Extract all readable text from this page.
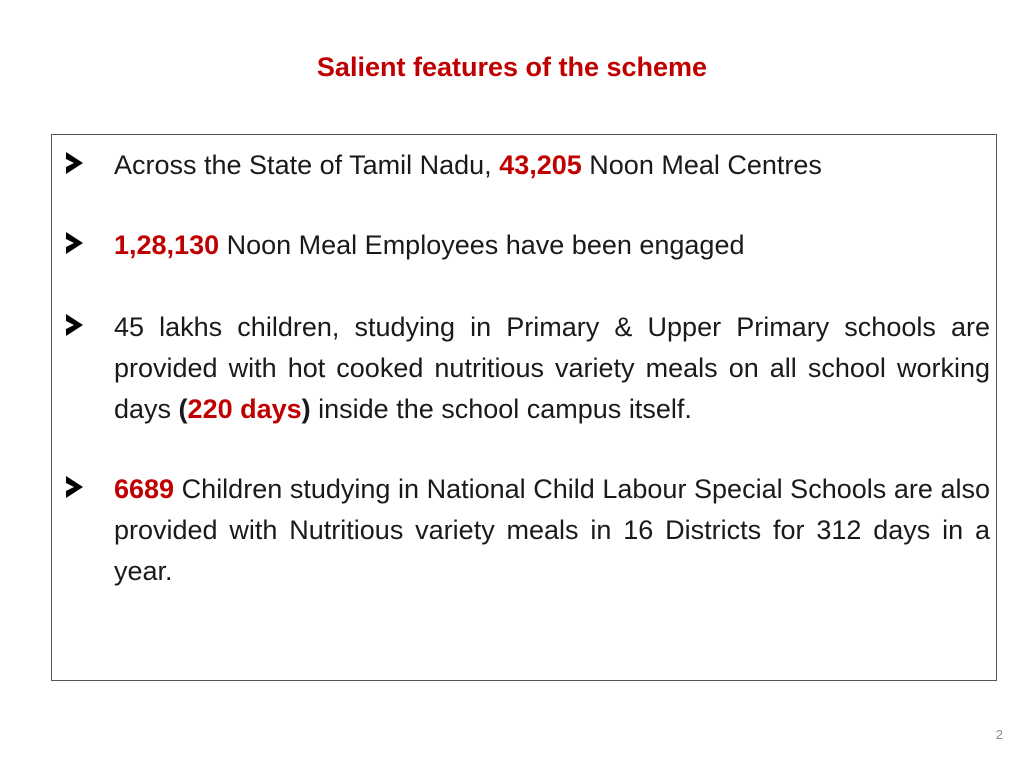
Salient features of the scheme
Across the State of Tamil Nadu, 43,205 Noon Meal Centres
1,28,130 Noon Meal Employees have been engaged
45 lakhs children, studying in Primary & Upper Primary schools are provided with hot cooked nutritious variety meals on all school working days (220 days) inside the school campus itself.
6689 Children studying in National Child Labour Special Schools are also provided with Nutritious variety meals in 16 Districts for 312 days in a year.
2
